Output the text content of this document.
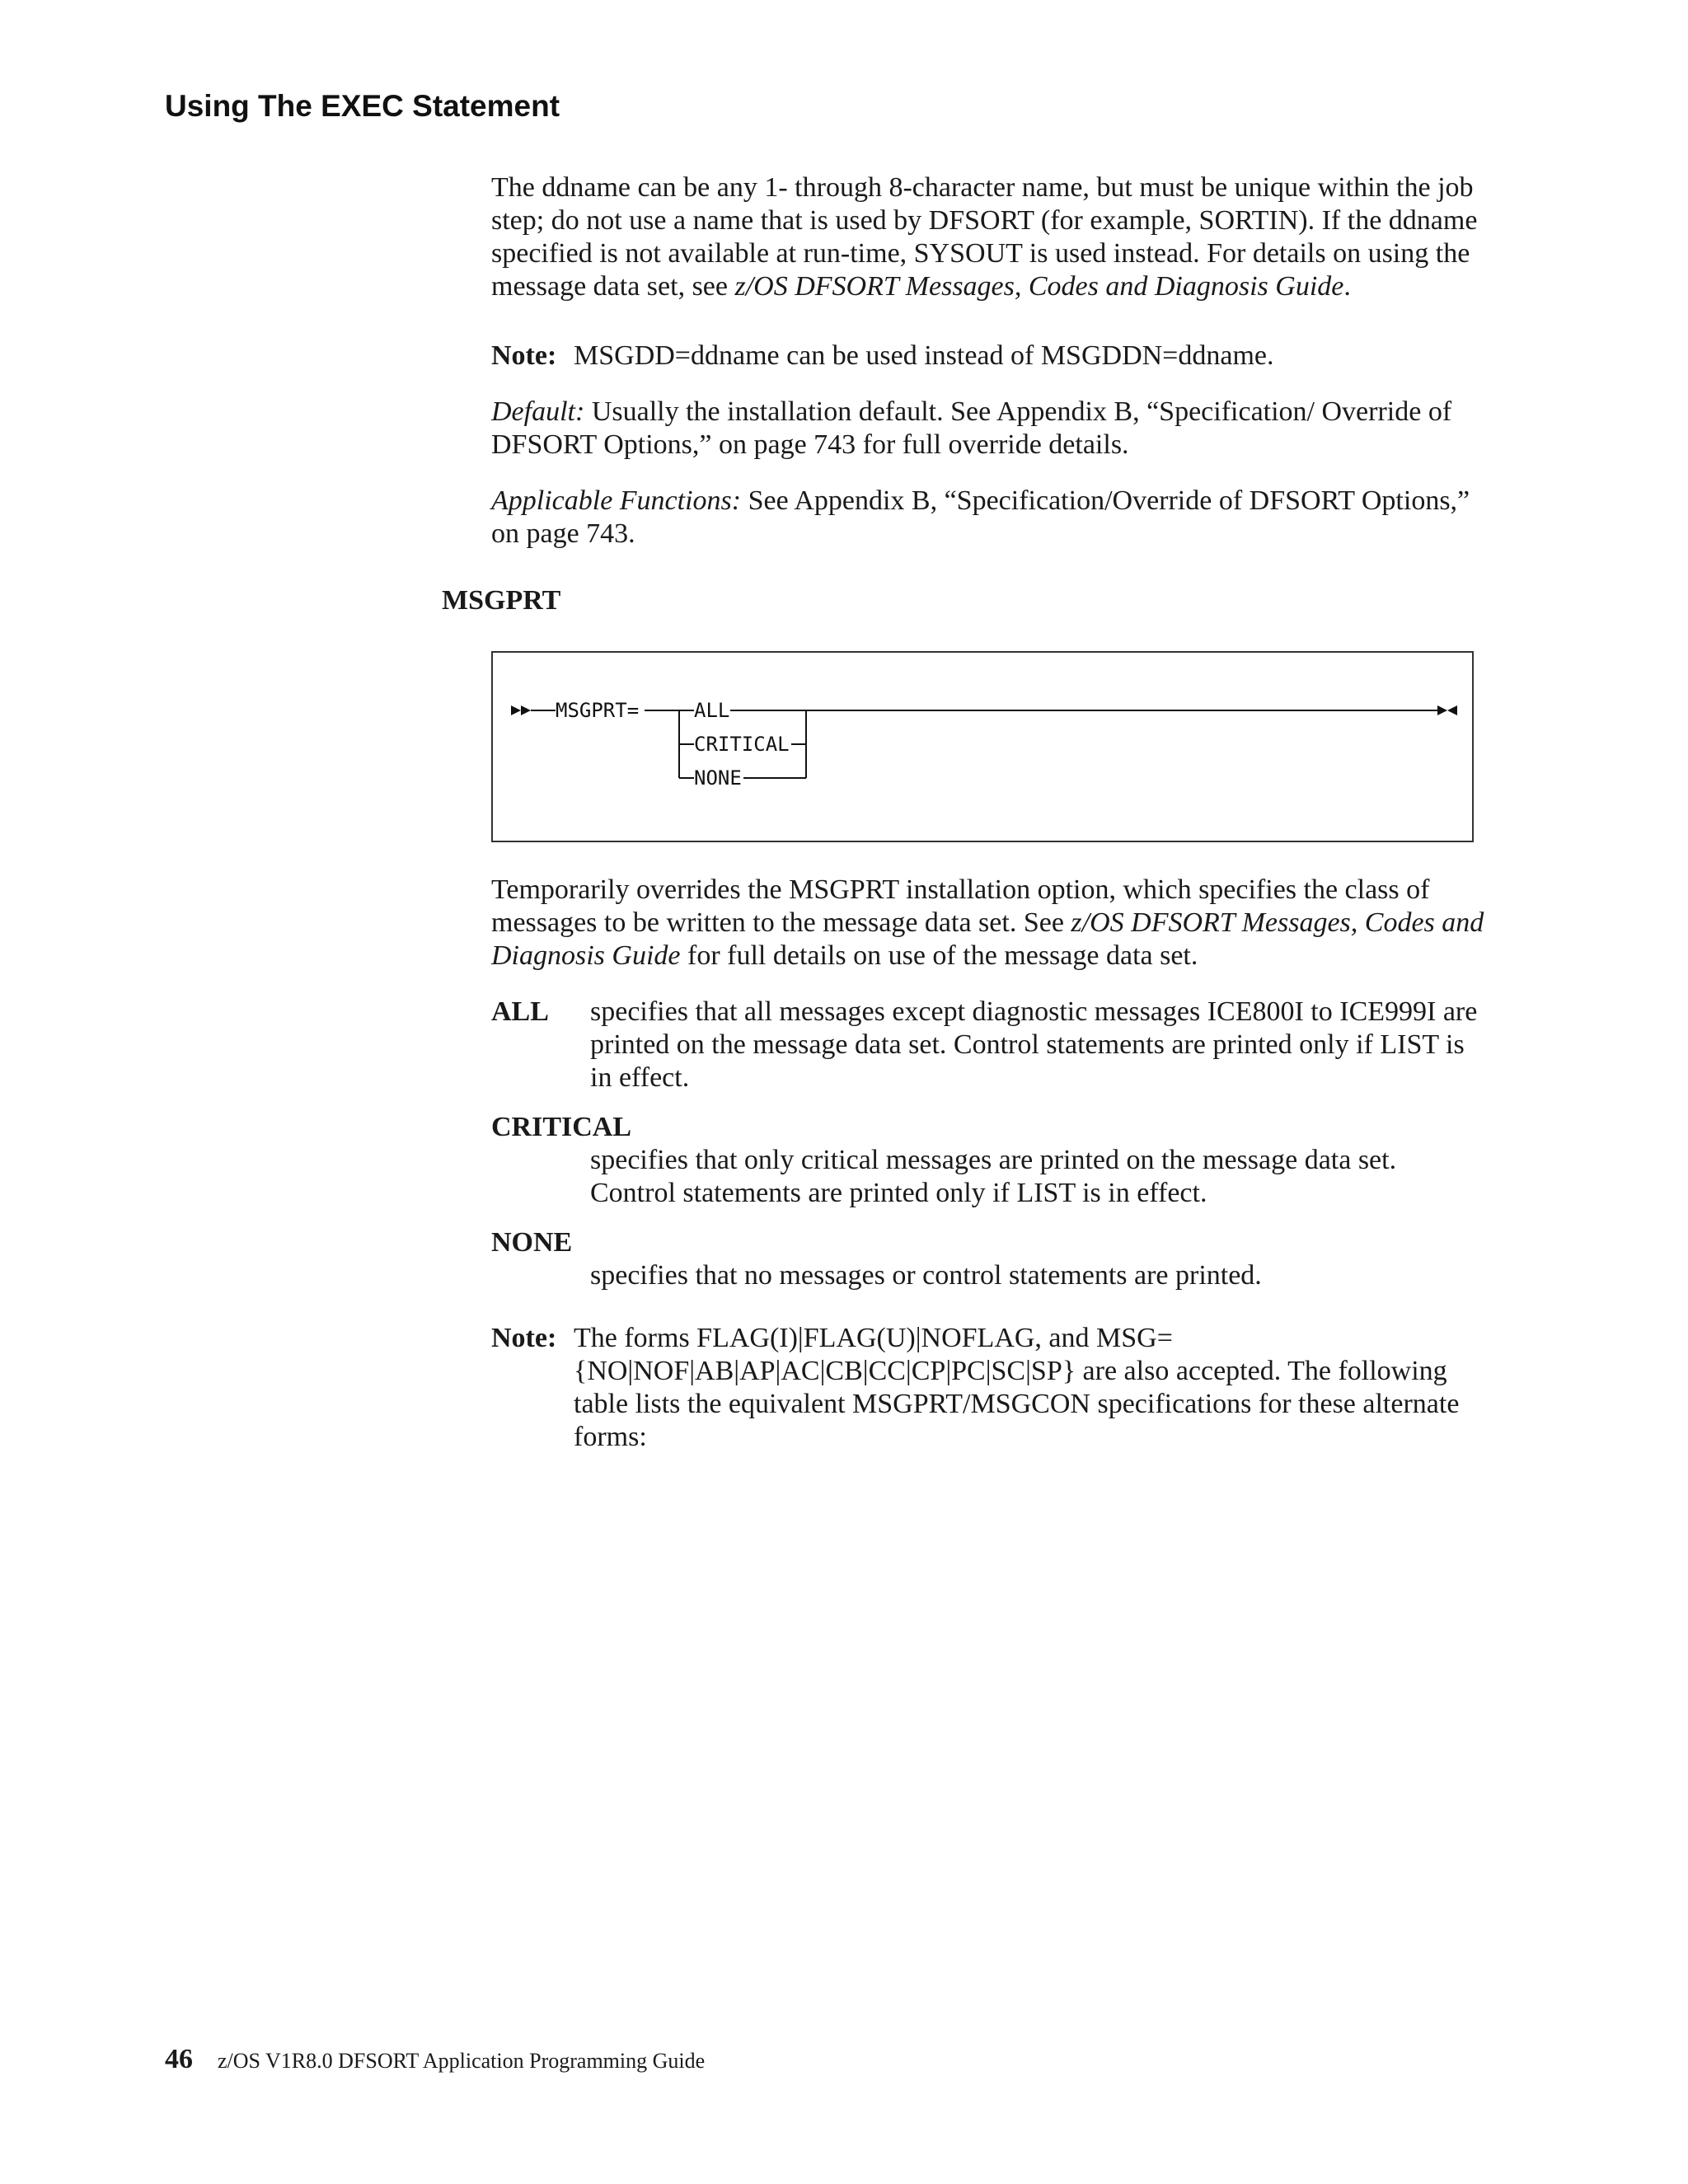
Using The EXEC Statement

The ddname can be any 1- through 8-character name, but must be unique within the job step; do not use a name that is used by DFSORT (for example, SORTIN). If the ddname specified is not available at run-time, SYSOUT is used instead. For details on using the message data set, see z/OS DFSORT Messages, Codes and Diagnosis Guide.

Note: MSGDD=ddname can be used instead of MSGDDN=ddname.

Default: Usually the installation default. See Appendix B, “Specification/ Override of DFSORT Options,” on page 743 for full override details.

Applicable Functions: See Appendix B, “Specification/Override of DFSORT Options,” on page 743.

MSGPRT
MSGPRT=	ALL
CRITICAL
NONE

Temporarily overrides the MSGPRT installation option, which specifies the class of messages to be written to the message data set. See z/OS DFSORT Messages, Codes and Diagnosis Guide for full details on use of the message data set.

ALL	specifies that all messages except diagnostic messages ICE800I to ICE999I are printed on the message data set. Control statements are printed only if LIST is in effect.
CRITICAL
specifies that only critical messages are printed on the message data set. Control statements are printed only if LIST is in effect.
NONE
specifies that no messages or control statements are printed.
Note: The forms FLAG(I)|FLAG(U)|NOFLAG, and MSG={NO|NOF|AB|AP|AC|CB|CC|CP|PC|SC|SP} are also accepted. The following table lists the equivalent MSGPRT/MSGCON specifications for these alternate forms:
46 z/OS V1R8.0 DFSORT Application Programming Guide
